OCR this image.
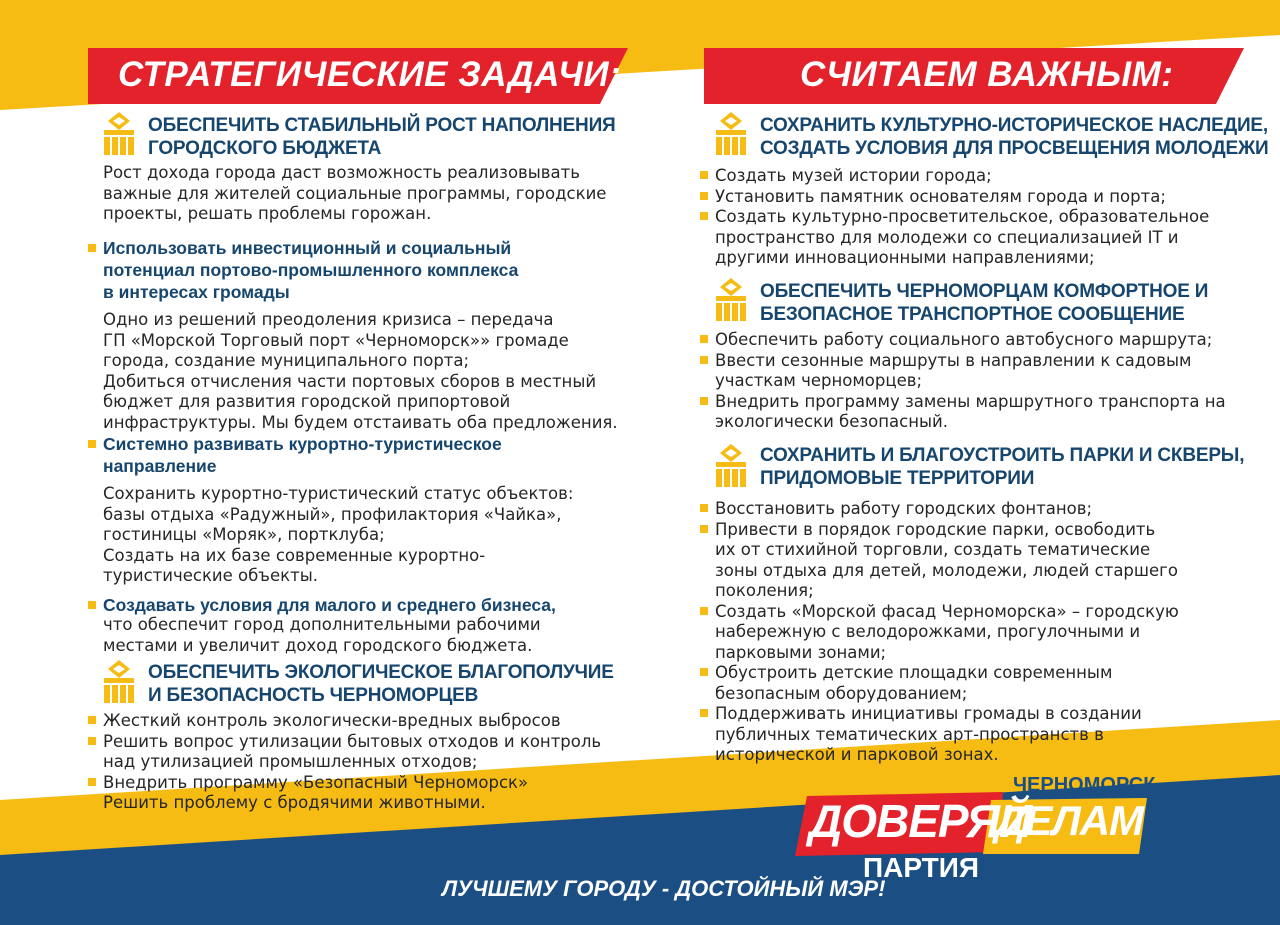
СТРАТЕГИЧЕСКИЕ ЗАДАЧИ:
ОБЕСПЕЧИТЬ СТАБИЛЬНЫЙ РОСТ НАПОЛНЕНИЯ
ГОРОДСКОГО БЮДЖЕТА
Рост дохода города даст возможность реализовывать
важные для жителей социальные программы, городские
проекты, решать проблемы горожан.
Использовать инвестиционный и социальный
потенциал портово-промышленного комплекса
в интересах громады
Одно из решений преодоления кризиса – передача
ГП «Морской Торговый порт «Черноморск»» громаде
города, создание муниципального порта;
Добиться отчисления части портовых сборов в местный
бюджет для развития городской припортовой
инфраструктуры. Мы будем отстаивать оба предложения.
Системно развивать курортно-туристическое
направление
Сохранить курортно-туристический статус объектов:
базы отдыха «Радужный», профилактория «Чайка»,
гостиницы «Моряк», портклуба;
Создать на их базе современные курортно-
туристические объекты.
Создавать условия для малого и среднего бизнеса,
что обеспечит город дополнительными рабочими
местами и увеличит доход городского бюджета.
ОБЕСПЕЧИТЬ ЭКОЛОГИЧЕСКОЕ БЛАГОПОЛУЧИЕ
И БЕЗОПАСНОСТЬ ЧЕРНОМОРЦЕВ
Жесткий контроль экологически-вредных выбросов
Решить вопрос утилизации бытовых отходов и контроль
над утилизацией промышленных отходов;
Внедрить программу «Безопасный Черноморск»
Решить проблему с бродячими животными.
СЧИТАЕМ ВАЖНЫМ:
СОХРАНИТЬ КУЛЬТУРНО-ИСТОРИЧЕСКОЕ НАСЛЕДИЕ,
СОЗДАТЬ УСЛОВИЯ ДЛЯ ПРОСВЕЩЕНИЯ МОЛОДЕЖИ
Создать музей истории города;
Установить памятник основателям города и порта;
Создать культурно-просветительское, образовательное
пространство для молодежи со специализацией IT и
другими инновационными направлениями;
ОБЕСПЕЧИТЬ ЧЕРНОМОРЦАМ КОМФОРТНОЕ И
БЕЗОПАСНОЕ ТРАНСПОРТНОЕ СООБЩЕНИЕ
Обеспечить работу социального автобусного маршрута;
Ввести сезонные маршруты в направлении к садовым
участкам черноморцев;
Внедрить программу замены маршрутного транспорта на
экологически безопасный.
СОХРАНИТЬ И БЛАГОУСТРОИТЬ ПАРКИ И СКВЕРЫ,
ПРИДОМОВЫЕ ТЕРРИТОРИИ
Восстановить работу городских фонтанов;
Привести в порядок городские парки, освободить
их от стихийной торговли, создать тематические
зоны отдыха для детей, молодежи, людей старшего
поколения;
Создать «Морской фасад Черноморска» – городскую
набережную с велодорожками, прогулочными и
парковыми зонами;
Обустроить детские площадки современным
безопасным оборудованием;
Поддерживать инициативы громады в создании
публичных тематических арт-пространств в
исторической и парковой зонах.
ЧЕРНОМОРСК
ДОВЕРЯЙ
ДЕЛАМ
ПАРТИЯ
ЛУЧШЕМУ ГОРОДУ - ДОСТОЙНЫЙ МЭР!
